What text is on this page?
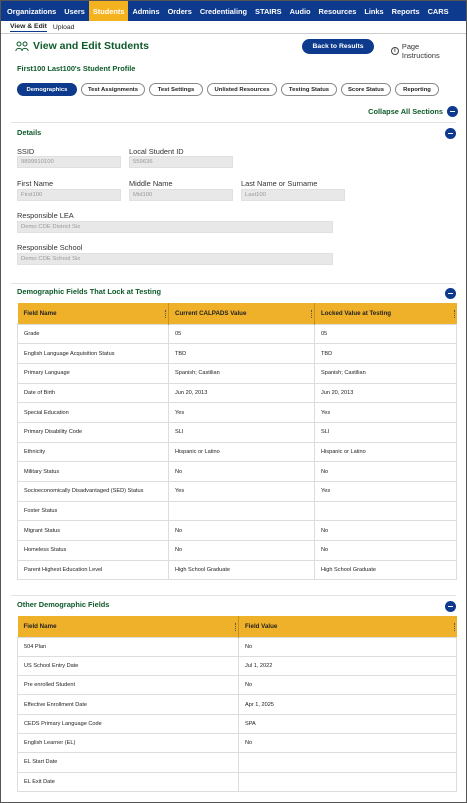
Organizations	Users	Students	Admins	Orders	Credentialing	STAIRS	Audio	Resources	Links	Reports	CARS
View & Edit Upload
View and Edit Students	Back to Results
i Page Instructions
First100 Last100's Student Profile
Demographics	Test Assignments	Test Settings	Unlisted Resources	Testing Status	Score Status	Reporting
Collapse All Sections
Details
SSID
9899910100
Local Student ID
559636
First Name
First100
Middle Name
Mid100
Last Name or Surname
Last100
Responsible LEA
Demo CDE District Six
Responsible School
Demo CDE School Six
Demographic Fields That Lock at Testing
Field Name	Current CALPADS Value	Locked Value at Testing

Grade	05	05
English Language Acquisition Status	TBD	TBD
Primary Language	Spanish; Castilian	Spanish; Castilian
Date of Birth	Jun 20, 2013	Jun 20, 2013
Special Education	Yes	Yes
Primary Disability Code	SLI	SLI
Ethnicity	Hispanic or Latino	Hispanic or Latino
Military Status	No	No
Socioeconomically Disadvantaged (SED) Status	Yes	Yes
Foster Status		
Migrant Status	No	No
Homeless Status	No	No
Parent Highest Education Level	High School Graduate	High School Graduate
Other Demographic Fields
Field Name	Field Value

504 Plan	No
US School Entry Date	Jul 1, 2022
Pre enrolled Student	No
Effective Enrollment Date	Apr 1, 2025
CEDS Primary Language Code	SPA
English Learner (EL)	No
EL Start Date	
EL Exit Date	
